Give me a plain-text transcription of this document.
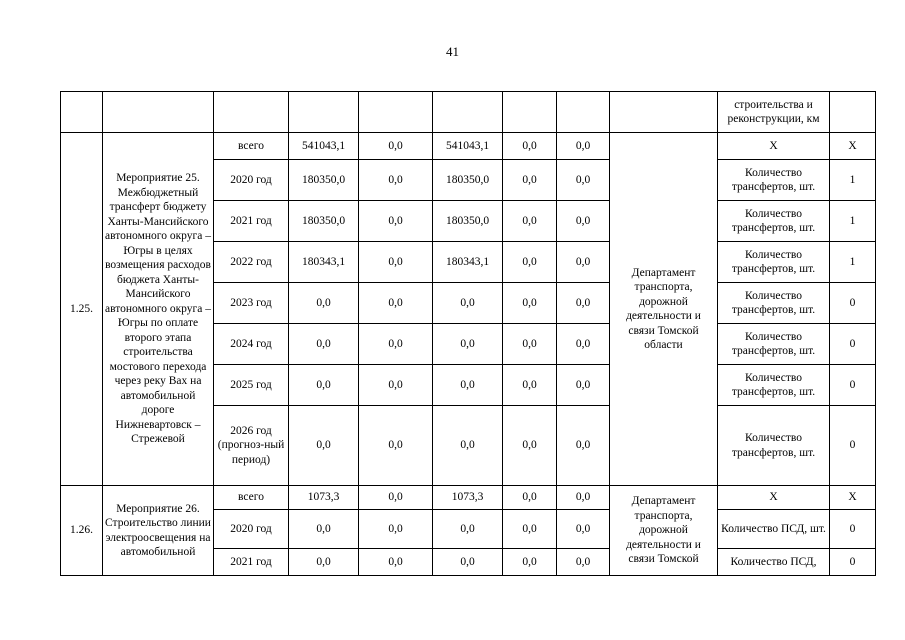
41
									строительства и реконструкции, км	
1.25.	Мероприятие 25. Межбюджетный трансферт бюджету Ханты-Мансийского автономного округа – Югры в целях возмещения расходов бюджета Ханты-Мансийского автономного округа – Югры по оплате второго этапа строительства мостового перехода через реку Вах на автомобильной дороге Нижневартовск – Стрежевой	всего	541043,1	0,0	541043,1	0,0	0,0	Департамент транспорта, дорожной деятельности и связи Томской области	Х	Х
		2020 год	180350,0	0,0	180350,0	0,0	0,0		Количество трансфертов, шт.	1
		2021 год	180350,0	0,0	180350,0	0,0	0,0		Количество трансфертов, шт.	1
		2022 год	180343,1	0,0	180343,1	0,0	0,0		Количество трансфертов, шт.	1
		2023 год	0,0	0,0	0,0	0,0	0,0		Количество трансфертов, шт.	0
		2024 год	0,0	0,0	0,0	0,0	0,0		Количество трансфертов, шт.	0
		2025 год	0,0	0,0	0,0	0,0	0,0		Количество трансфертов, шт.	0
		2026 год (прогноз-ный период)	0,0	0,0	0,0	0,0	0,0		Количество трансфертов, шт.	0
1.26.	Мероприятие 26. Строительство линии электроосвещения на автомобильной	всего	1073,3	0,0	1073,3	0,0	0,0	Департамент транспорта, дорожной деятельности и связи Томской	Х	Х
		2020 год	0,0	0,0	0,0	0,0	0,0		Количество ПСД, шт.	0
		2021 год	0,0	0,0	0,0	0,0	0,0		Количество ПСД,	0
